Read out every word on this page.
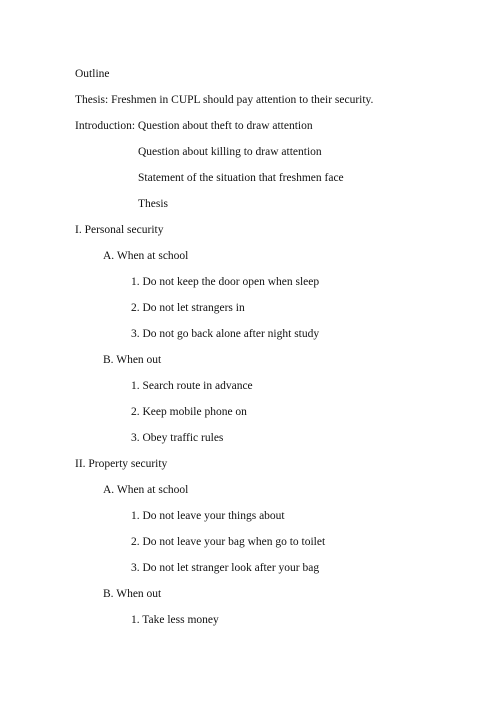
Outline
Thesis: Freshmen in CUPL should pay attention to their security.
Introduction: Question about theft to draw attention
Question about killing to draw attention
Statement of the situation that freshmen face
Thesis
I. Personal security
A. When at school
1. Do not keep the door open when sleep
2. Do not let strangers in
3. Do not go back alone after night study
B. When out
1. Search route in advance
2. Keep mobile phone on
3. Obey traffic rules
II. Property security
A. When at school
1. Do not leave your things about
2. Do not leave your bag when go to toilet
3. Do not let stranger look after your bag
B. When out
1. Take less money
